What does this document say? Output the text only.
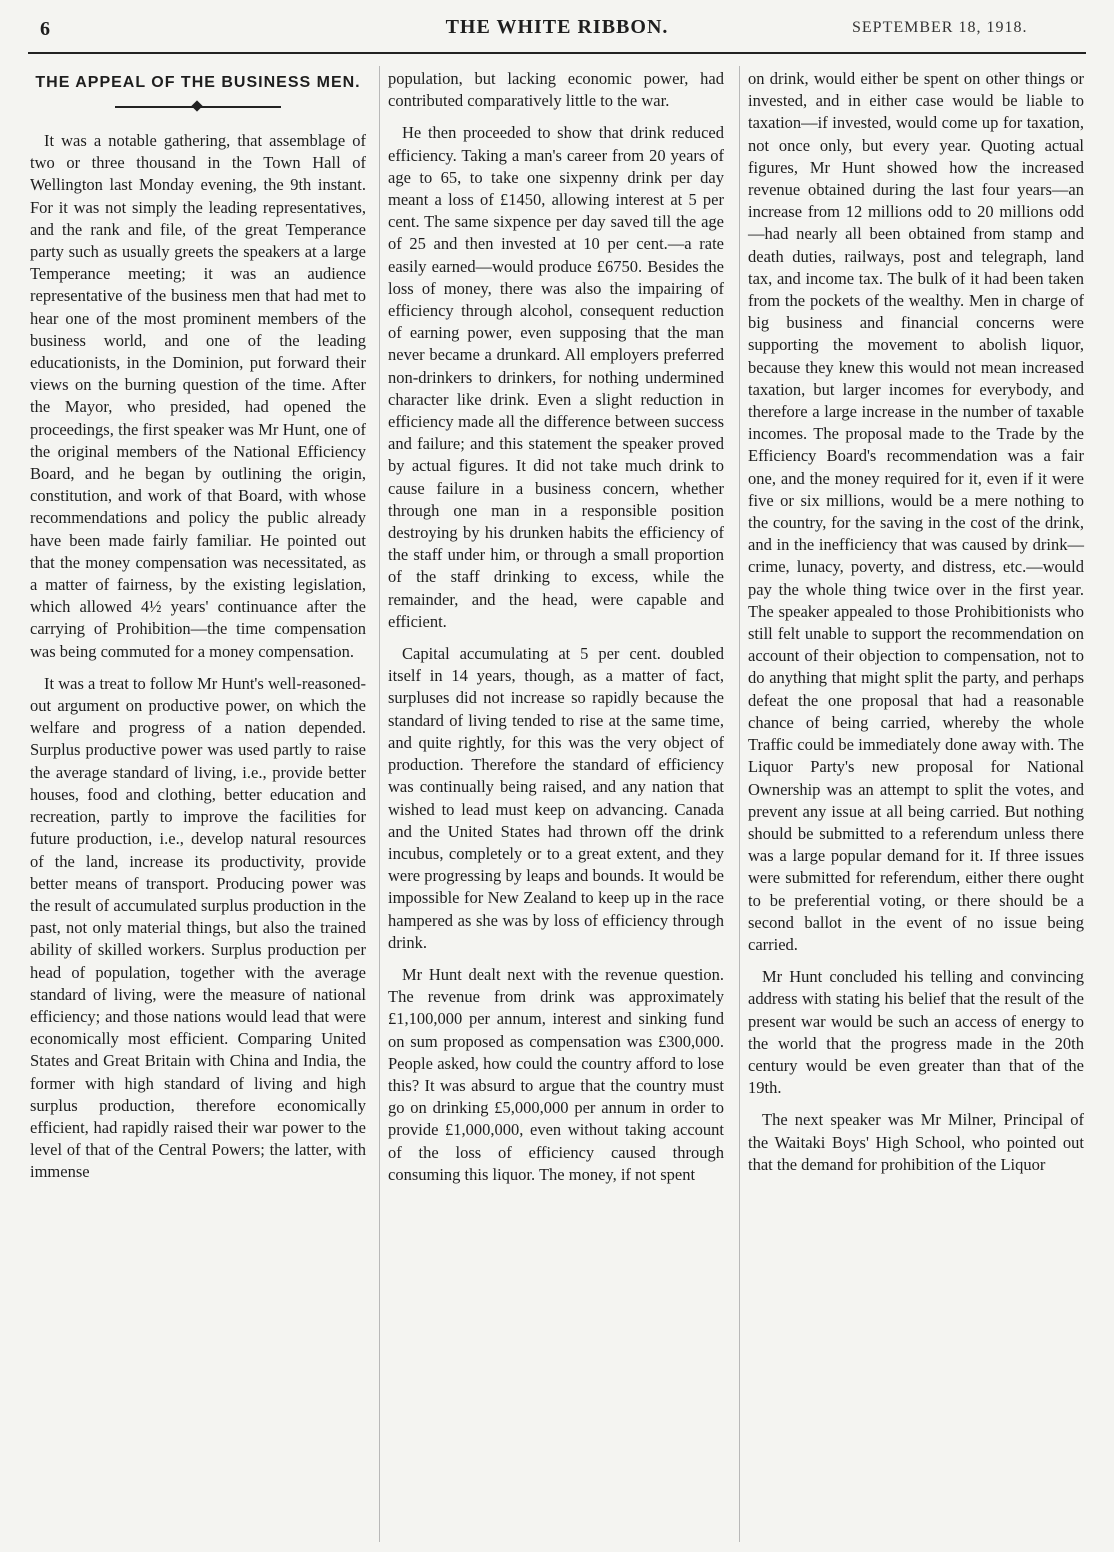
6	THE WHITE RIBBON.	SEPTEMBER 18, 1918.
THE APPEAL OF THE BUSINESS MEN.

It was a notable gathering, that assemblage of two or three thousand in the Town Hall of Wellington last Monday evening, the 9th instant. For it was not simply the leading representatives, and the rank and file, of the great Temperance party such as usually greets the speakers at a large Temperance meeting; it was an audience representative of the business men that had met to hear one of the most prominent members of the business world, and one of the leading educationists, in the Dominion, put forward their views on the burning question of the time. After the Mayor, who presided, had opened the proceedings, the first speaker was Mr Hunt, one of the original members of the National Efficiency Board, and he began by outlining the origin, constitution, and work of that Board, with whose recommendations and policy the public already have been made fairly familiar. He pointed out that the money compensation was necessitated, as a matter of fairness, by the existing legislation, which allowed 4½ years' continuance after the carrying of Prohibition—the time compensation was being commuted for a money compensation.

It was a treat to follow Mr Hunt's well-reasoned-out argument on productive power, on which the welfare and progress of a nation depended. Surplus productive power was used partly to raise the average standard of living, i.e., provide better houses, food and clothing, better education and recreation, partly to improve the facilities for future production, i.e., develop natural resources of the land, increase its productivity, provide better means of transport. Producing power was the result of accumulated surplus production in the past, not only material things, but also the trained ability of skilled workers. Surplus production per head of population, together with the average standard of living, were the measure of national efficiency; and those nations would lead that were economically most efficient. Comparing United States and Great Britain with China and India, the former with high standard of living and high surplus production, therefore economically efficient, had rapidly raised their war power to the level of that of the Central Powers; the latter, with immense

population, but lacking economic power, had contributed comparatively little to the war.

He then proceeded to show that drink reduced efficiency. Taking a man's career from 20 years of age to 65, to take one sixpenny drink per day meant a loss of £1450, allowing interest at 5 per cent. The same sixpence per day saved till the age of 25 and then invested at 10 per cent.—a rate easily earned—would produce £6750. Besides the loss of money, there was also the impairing of efficiency through alcohol, consequent reduction of earning power, even supposing that the man never became a drunkard. All employers preferred non-drinkers to drinkers, for nothing undermined character like drink. Even a slight reduction in efficiency made all the difference between success and failure; and this statement the speaker proved by actual figures. It did not take much drink to cause failure in a business concern, whether through one man in a responsible position destroying by his drunken habits the efficiency of the staff under him, or through a small proportion of the staff drinking to excess, while the remainder, and the head, were capable and efficient.

Capital accumulating at 5 per cent. doubled itself in 14 years, though, as a matter of fact, surpluses did not increase so rapidly because the standard of living tended to rise at the same time, and quite rightly, for this was the very object of production. Therefore the standard of efficiency was continually being raised, and any nation that wished to lead must keep on advancing. Canada and the United States had thrown off the drink incubus, completely or to a great extent, and they were progressing by leaps and bounds. It would be impossible for New Zealand to keep up in the race hampered as she was by loss of efficiency through drink.

Mr Hunt dealt next with the revenue question. The revenue from drink was approximately £1,100,000 per annum, interest and sinking fund on sum proposed as compensation was £300,000. People asked, how could the country afford to lose this? It was absurd to argue that the country must go on drinking £5,000,000 per annum in order to provide £1,000,000, even without taking account of the loss of efficiency caused through consuming this liquor. The money, if not spent

on drink, would either be spent on other things or invested, and in either case would be liable to taxation—if invested, would come up for taxation, not once only, but every year. Quoting actual figures, Mr Hunt showed how the increased revenue obtained during the last four years—an increase from 12 millions odd to 20 millions odd—had nearly all been obtained from stamp and death duties, railways, post and telegraph, land tax, and income tax. The bulk of it had been taken from the pockets of the wealthy. Men in charge of big business and financial concerns were supporting the movement to abolish liquor, because they knew this would not mean increased taxation, but larger incomes for everybody, and therefore a large increase in the number of taxable incomes. The proposal made to the Trade by the Efficiency Board's recommendation was a fair one, and the money required for it, even if it were five or six millions, would be a mere nothing to the country, for the saving in the cost of the drink, and in the inefficiency that was caused by drink—crime, lunacy, poverty, and distress, etc.—would pay the whole thing twice over in the first year. The speaker appealed to those Prohibitionists who still felt unable to support the recommendation on account of their objection to compensation, not to do anything that might split the party, and perhaps defeat the one proposal that had a reasonable chance of being carried, whereby the whole Traffic could be immediately done away with. The Liquor Party's new proposal for National Ownership was an attempt to split the votes, and prevent any issue at all being carried. But nothing should be submitted to a referendum unless there was a large popular demand for it. If three issues were submitted for referendum, either there ought to be preferential voting, or there should be a second ballot in the event of no issue being carried.

Mr Hunt concluded his telling and convincing address with stating his belief that the result of the present war would be such an access of energy to the world that the progress made in the 20th century would be even greater than that of the 19th.

The next speaker was Mr Milner, Principal of the Waitaki Boys' High School, who pointed out that the demand for prohibition of the Liquor
